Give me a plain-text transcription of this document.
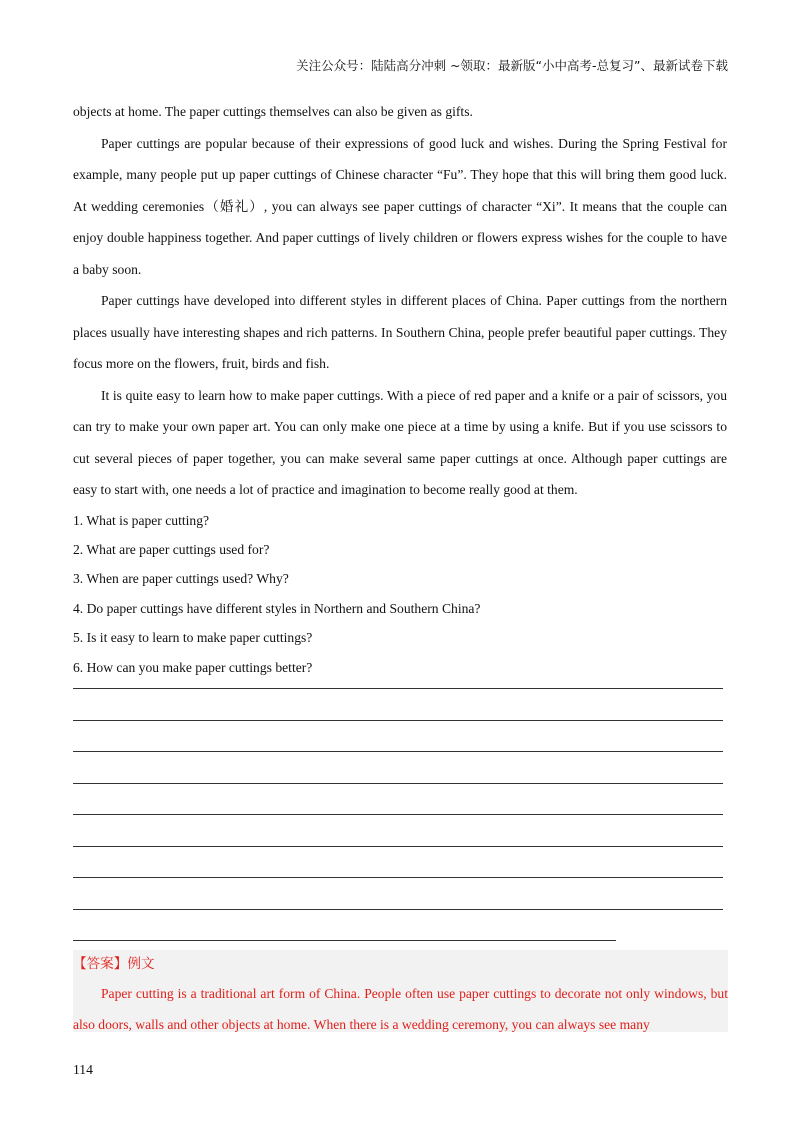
关注公众号：陆陆高分冲刺 ~领取：最新版“小中高考-总复习”、最新试卷下载

objects at home. The paper cuttings themselves can also be given as gifts.

Paper cuttings are popular because of their expressions of good luck and wishes. During the Spring Festival for example, many people put up paper cuttings of Chinese character “Fu”. They hope that this will bring them good luck. At wedding ceremonies（婚礼）, you can always see paper cuttings of character “Xi”. It means that the couple can enjoy double happiness together. And paper cuttings of lively children or flowers express wishes for the couple to have a baby soon.

Paper cuttings have developed into different styles in different places of China. Paper cuttings from the northern places usually have interesting shapes and rich patterns. In Southern China, people prefer beautiful paper cuttings. They focus more on the flowers, fruit, birds and fish.

It is quite easy to learn how to make paper cuttings. With a piece of red paper and a knife or a pair of scissors, you can try to make your own paper art. You can only make one piece at a time by using a knife. But if you use scissors to cut several pieces of paper together, you can make several same paper cuttings at once. Although paper cuttings are easy to start with, one needs a lot of practice and imagination to become really good at them.

1. What is paper cutting?

2. What are paper cuttings used for?

3. When are paper cuttings used? Why?

4. Do paper cuttings have different styles in Northern and Southern China?

5. Is it easy to learn to make paper cuttings?

6. How can you make paper cuttings better?

【答案】例文

Paper cutting is a traditional art form of China. People often use paper cuttings to decorate not only windows, but also doors, walls and other objects at home. When there is a wedding ceremony, you can always see many

114
